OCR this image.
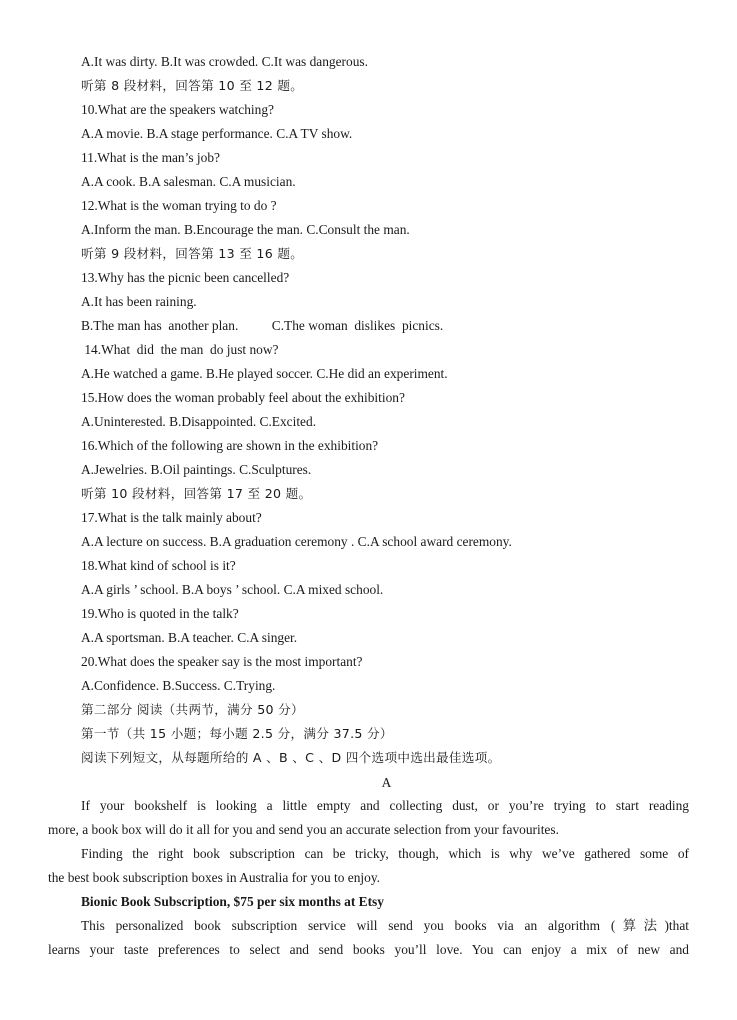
A.It was dirty. B.It was crowded. C.It was dangerous.
听第 8 段材料，回答第 10 至 12 题。
10.What are the speakers watching?
A.A movie. B.A stage performance. C.A TV show.
11.What is the man’s job?
A.A cook. B.A salesman. C.A musician.
12.What is the woman trying to do ?
A.Inform the man. B.Encourage the man. C.Consult the man.
听第 9 段材料，回答第 13 至 16 题。
13.Why has the picnic been cancelled?
A.It has been raining.
B.The man has  another plan.          C.The woman  dislikes  picnics.
14.What  did  the man  do just now?
A.He watched a game. B.He played soccer. C.He did an experiment.
15.How does the woman probably feel about the exhibition?
A.Uninterested. B.Disappointed. C.Excited.
16.Which of the following are shown in the exhibition?
A.Jewelries. B.Oil paintings. C.Sculptures.
听第 10 段材料，回答第 17 至 20 题。
17.What is the talk mainly about?
A.A lecture on success. B.A graduation ceremony . C.A school award ceremony.
18.What kind of school is it?
A.A girls ’ school. B.A boys ’ school. C.A mixed school.
19.Who is quoted in the talk?
A.A sportsman. B.A teacher. C.A singer.
20.What does the speaker say is the most important?
A.Confidence. B.Success. C.Trying.
第二部分 阅读（共两节，满分 50 分）
第一节（共 15 小题；每小题 2.5 分，满分 37.5 分）
阅读下列短文，从每题所给的 A 、B 、C 、D 四个选项中选出最佳选项。
A
If your bookshelf is looking a little empty and collecting dust, or you’re trying to start reading
more, a book box will do it all for you and send you an accurate selection from your favourites.
Finding the right book subscription can be tricky, though, which is why we’ve gathered some of
the best book subscription boxes in Australia for you to enjoy.
Bionic Book Subscription, $75 per six months at Etsy
This personalized book subscription service will send you books via an algorithm (算法)that
learns your taste preferences to select and send books you’ll love. You can enjoy a mix of new and
